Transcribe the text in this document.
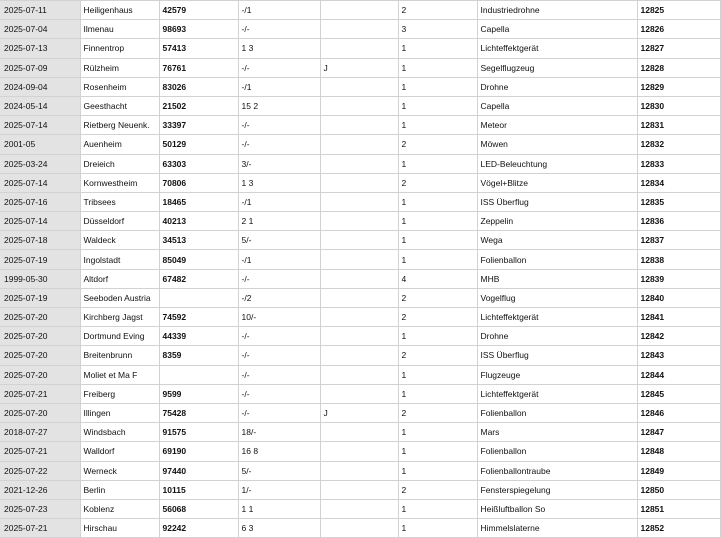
2025-07-11	Heiligenhaus	42579	-/1		2	Industriedrohne	12825
2025-07-04	Ilmenau	98693	-/-		3	Capella	12826
2025-07-13	Finnentrop	57413	1 3		1	Lichteffektgerät	12827
2025-07-09	Rülzheim	76761	-/-	J	1	Segelflugzeug	12828
2024-09-04	Rosenheim	83026	-/1		1	Drohne	12829
2024-05-14	Geesthacht	21502	15 2		1	Capella	12830
2025-07-14	Rietberg Neuenk.	33397	-/-		1	Meteor	12831
2001-05	Auenheim	50129	-/-		2	Möwen	12832
2025-03-24	Dreieich	63303	3/-		1	LED-Beleuchtung	12833
2025-07-14	Kornwestheim	70806	1 3		2	Vögel+Blitze	12834
2025-07-16	Tribsees	18465	-/1		1	ISS Überflug	12835
2025-07-14	Düsseldorf	40213	2 1		1	Zeppelin	12836
2025-07-18	Waldeck	34513	5/-		1	Wega	12837
2025-07-19	Ingolstadt	85049	-/1		1	Folienballon	12838
1999-05-30	Altdorf	67482	-/-		4	MHB	12839
2025-07-19	Seeboden Austria		-/2		2	Vogelflug	12840
2025-07-20	Kirchberg Jagst	74592	10/-		2	Lichteffektgerät	12841
2025-07-20	Dortmund Eving	44339	-/-		1	Drohne	12842
2025-07-20	Breitenbrunn	8359	-/-		2	ISS Überflug	12843
2025-07-20	Moliet et Ma F		-/-		1	Flugzeuge	12844
2025-07-21	Freiberg	9599	-/-		1	Lichteffektgerät	12845
2025-07-20	Illingen	75428	-/-	J	2	Folienballon	12846
2018-07-27	Windsbach	91575	18/-		1	Mars	12847
2025-07-21	Walldorf	69190	16 8		1	Folienballon	12848
2025-07-22	Werneck	97440	5/-		1	Folienballontraube	12849
2021-12-26	Berlin	10115	1/-		2	Fensterspiegelung	12850
2025-07-23	Koblenz	56068	1 1		1	Heißluftballon So	12851
2025-07-21	Hirschau	92242	6 3		1	Himmelslaterne	12852
